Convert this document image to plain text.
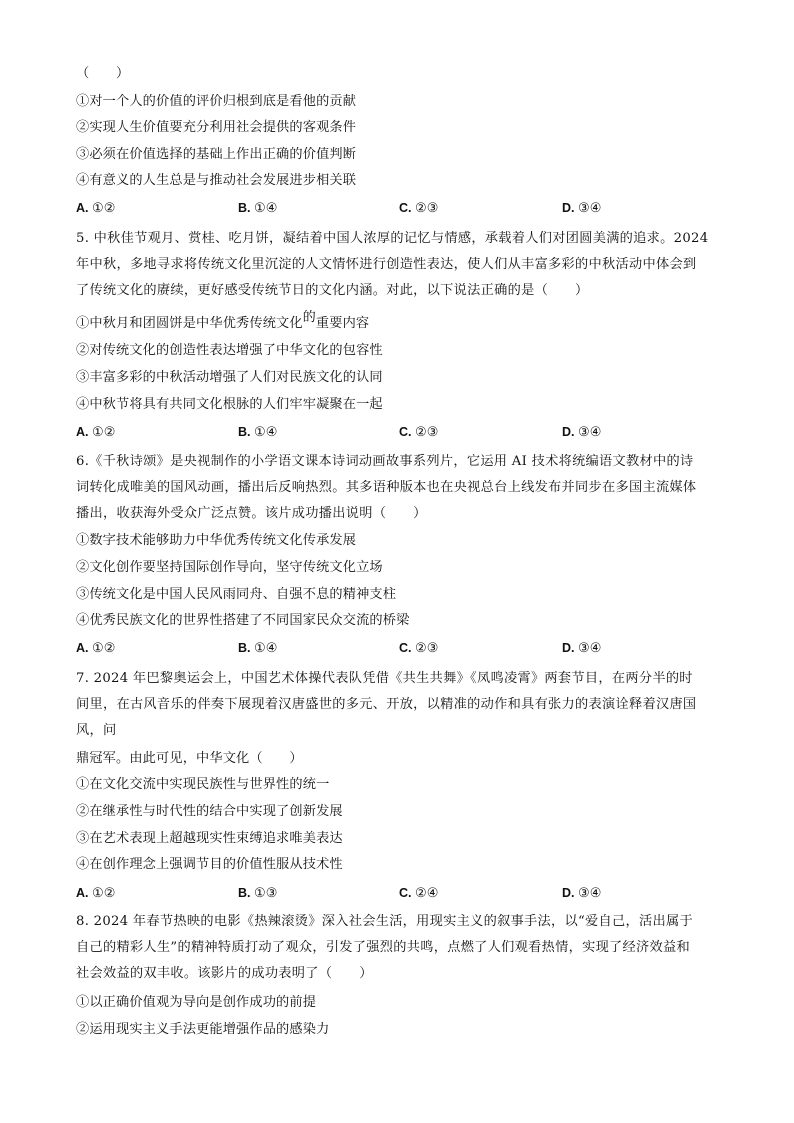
（　　）
①对一个人的价值的评价归根到底是看他的贡献
②实现人生价值要充分利用社会提供的客观条件
③必须在价值选择的基础上作出正确的价值判断
④有意义的人生总是与推动社会发展进步相关联
A. ①②	B. ①④	C. ②③	D. ③④
5. 中秋佳节观月、赏桂、吃月饼，凝结着中国人浓厚的记忆与情感，承载着人们对团圆美满的追求。2024
年中秋，多地寻求将传统文化里沉淀的人文情怀进行创造性表达，使人们从丰富多彩的中秋活动中体会到
了传统文化的赓续，更好感受传统节日的文化内涵。对此，以下说法正确的是（　　）
①中秋月和团圆饼是中华优秀传统文化的重要内容
②对传统文化的创造性表达增强了中华文化的包容性
③丰富多彩的中秋活动增强了人们对民族文化的认同
④中秋节将具有共同文化根脉的人们牢牢凝聚在一起
A. ①②	B. ①④	C. ②③	D. ③④
6.《千秋诗颂》是央视制作的小学语文课本诗词动画故事系列片，它运用 AI 技术将统编语文教材中的诗
词转化成唯美的国风动画，播出后反响热烈。其多语种版本也在央视总台上线发布并同步在多国主流媒体
播出，收获海外受众广泛点赞。该片成功播出说明（　　）
①数字技术能够助力中华优秀传统文化传承发展
②文化创作要坚持国际创作导向，坚守传统文化立场
③传统文化是中国人民风雨同舟、自强不息的精神支柱
④优秀民族文化的世界性搭建了不同国家民众交流的桥梁
A. ①②	B. ①④	C. ②③	D. ③④
7. 2024 年巴黎奥运会上，中国艺术体操代表队凭借《共生共舞》《凤鸣凌霄》两套节目，在两分半的时
间里，在古风音乐的伴奏下展现着汉唐盛世的多元、开放，以精准的动作和具有张力的表演诠释着汉唐国
风，问
鼎冠军。由此可见，中华文化（　　）
①在文化交流中实现民族性与世界性的统一
②在继承性与时代性的结合中实现了创新发展
③在艺术表现上超越现实性束缚追求唯美表达
④在创作理念上强调节目的价值性服从技术性
A. ①②	B. ①③	C. ②④	D. ③④
8. 2024 年春节热映的电影《热辣滚烫》深入社会生活，用现实主义的叙事手法，以“爱自己，活出属于
自己的精彩人生”的精神特质打动了观众，引发了强烈的共鸣，点燃了人们观看热情，实现了经济效益和
社会效益的双丰收。该影片的成功表明了（　　）
①以正确价值观为导向是创作成功的前提
②运用现实主义手法更能增强作品的感染力
